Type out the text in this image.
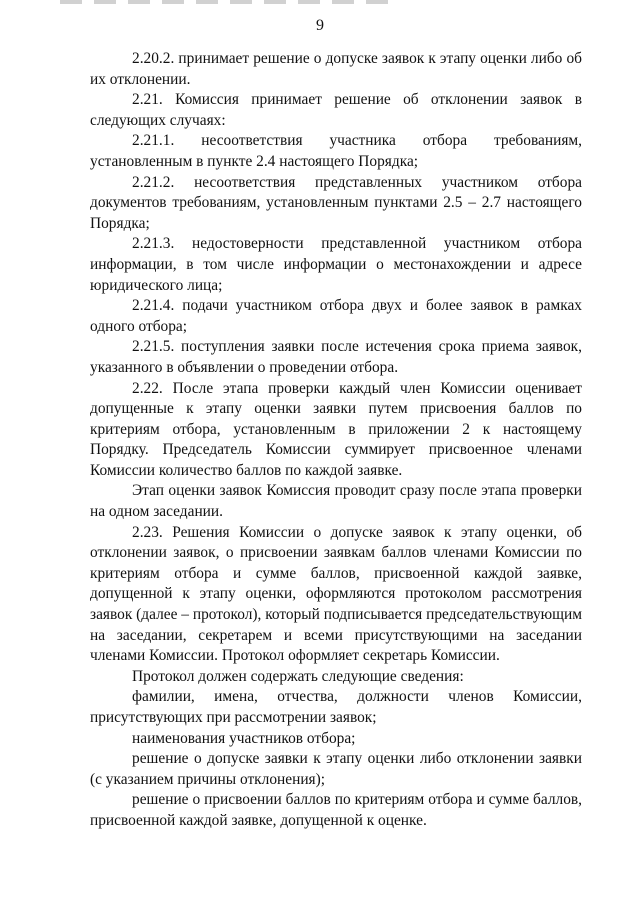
9

2.20.2. принимает решение о допуске заявок к этапу оценки либо об их отклонении.

2.21. Комиссия принимает решение об отклонении заявок в следующих случаях:

2.21.1. несоответствия участника отбора требованиям, установленным в пункте 2.4 настоящего Порядка;

2.21.2. несоответствия представленных участником отбора документов требованиям, установленным пунктами 2.5 – 2.7 настоящего Порядка;

2.21.3. недостоверности представленной участником отбора информации, в том числе информации о местонахождении и адресе юридического лица;

2.21.4. подачи участником отбора двух и более заявок в рамках одного отбора;

2.21.5. поступления заявки после истечения срока приема заявок, указанного в объявлении о проведении отбора.

2.22. После этапа проверки каждый член Комиссии оценивает допущенные к этапу оценки заявки путем присвоения баллов по критериям отбора, установленным в приложении 2 к настоящему Порядку. Председатель Комиссии суммирует присвоенное членами Комиссии количество баллов по каждой заявке.

Этап оценки заявок Комиссия проводит сразу после этапа проверки на одном заседании.

2.23. Решения Комиссии о допуске заявок к этапу оценки, об отклонении заявок, о присвоении заявкам баллов членами Комиссии по критериям отбора и сумме баллов, присвоенной каждой заявке, допущенной к этапу оценки, оформляются протоколом рассмотрения заявок (далее – протокол), который подписывается председательствующим на заседании, секретарем и всеми присутствующими на заседании членами Комиссии. Протокол оформляет секретарь Комиссии.

Протокол должен содержать следующие сведения:

фамилии, имена, отчества, должности членов Комиссии, присутствующих при рассмотрении заявок;

наименования участников отбора;

решение о допуске заявки к этапу оценки либо отклонении заявки (с указанием причины отклонения);

решение о присвоении баллов по критериям отбора и сумме баллов, присвоенной каждой заявке, допущенной к оценке.
